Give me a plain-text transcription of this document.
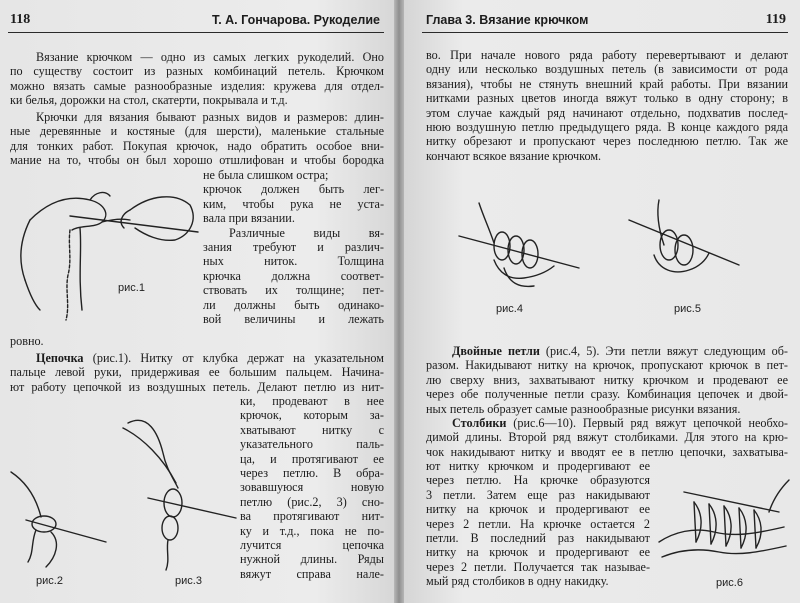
118	Т. А. Гончарова. Рукоделие
Вязание крючком — одно из самых легких рукоделий. Оно
по существу состоит из разных комбинаций петель. Крючком
можно вязать самые разнообразные изделия: кружева для отдел-
ки белья, дорожки на стол, скатерти, покрывала и т.д.
Крючки для вязания бывают разных видов и размеров: длин-
ные деревянные и костяные (для шерсти), маленькие стальные
для тонких работ. Покупая крючок, надо обратить особое вни-
мание на то, чтобы он был хорошо отшлифован и чтобы бородка
не была слишком остра;
крючок должен быть лег-
ким, чтобы рука не уста-
вала при вязании.
Различные виды вя-
зания требуют и различ-
ных ниток. Толщина
крючка должна соответ-
ствовать их толщине; пет-
ли должны быть одинако-
вой величины и лежать
рис.1
ровно.
Цепочка (рис.1). Нитку от клубка держат на указательном
пальце левой руки, придерживая ее большим пальцем. Начина-
ют работу цепочкой из воздушных петель. Делают петлю из нит-
ки, продевают в нее
крючок, которым за-
хватывают нитку с
указательного паль-
ца, и протягивают ее
через петлю. В обра-
зовавшуюся новую
петлю (рис.2, 3) сно-
ва протягивают нит-
ку и т.д., пока не по-
лучится цепочка
нужной длины. Ряды
вяжут справа нале-
рис.2	рис.3
Глава 3. Вязание крючком	119
во. При начале нового ряда работу перевертывают и делают
одну или несколько воздушных петель (в зависимости от рода
вязания), чтобы не стянуть внешний край работы. При вязании
нитками разных цветов иногда вяжут только в одну сторону; в
этом случае каждый ряд начинают отдельно, подхватив послед-
нюю воздушную петлю предыдущего ряда. В конце каждого ряда
нитку обрезают и пропускают через последнюю петлю. Так же
кончают всякое вязание крючком.
рис.4	рис.5
Двойные петли (рис.4, 5). Эти петли вяжут следующим об-
разом. Накидывают нитку на крючок, пропускают крючок в пет-
лю сверху вниз, захватывают нитку крючком и продевают ее
через обе полученные петли сразу. Комбинация цепочек и двой-
ных петель образует самые разнообразные рисунки вязания.
Столбики (рис.6—10). Первый ряд вяжут цепочкой необхо-
димой длины. Второй ряд вяжут столбиками. Для этого на крю-
чок накидывают нитку и вводят ее в петлю цепочки, захватыва-
ют нитку крючком и продергивают ее
через петлю. На крючке образуются
3 петли. Затем еще раз накидывают
нитку на крючок и продергивают ее
через 2 петли. На крючке остается 2
петли. В последний раз накидывают
нитку на крючок и продергивают ее
через 2 петли. Получается так называе-
мый ряд столбиков в одну накидку.	рис.6
